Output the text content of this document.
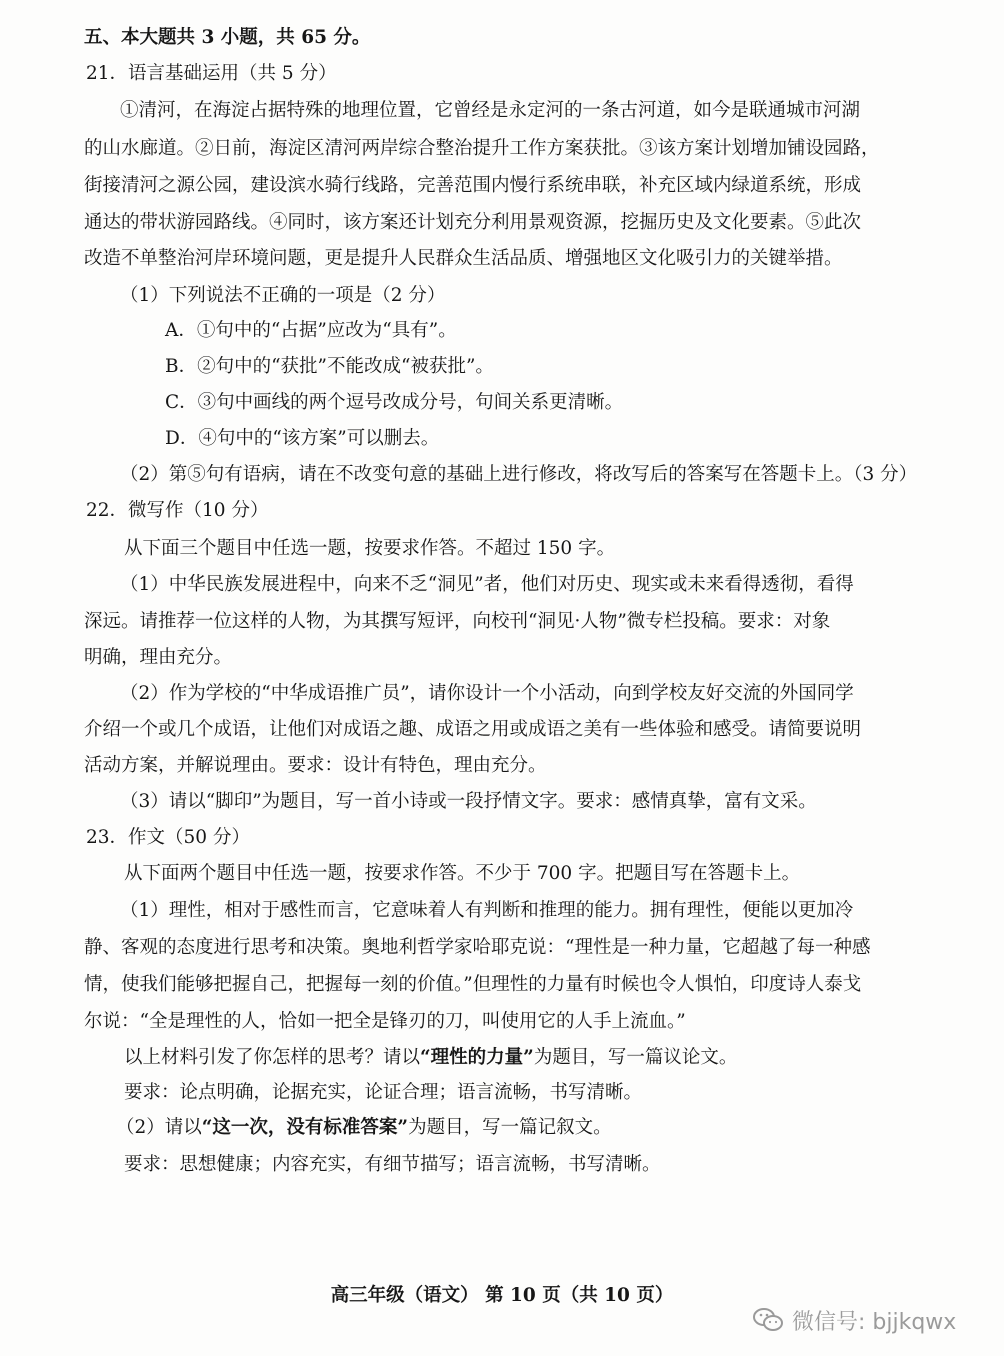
五、本大题共 3 小题，共 65 分。
21．语言基础运用（共 5 分）
①清河，在海淀占据特殊的地理位置，它曾经是永定河的一条古河道，如今是联通城市河湖
的山水廊道。②日前，海淀区清河两岸综合整治提升工作方案获批。③该方案计划增加铺设园路，
街接清河之源公园，建设滨水骑行线路，完善范围内慢行系统串联，补充区域内绿道系统，形成
通达的带状游园路线。④同时，该方案还计划充分利用景观资源，挖掘历史及文化要素。⑤此次
改造不单整治河岸环境问题，更是提升人民群众生活品质、增强地区文化吸引力的关键举措。
（1）下列说法不正确的一项是（2 分）
A．①句中的“占据”应改为“具有”。
B．②句中的“获批”不能改成“被获批”。
C．③句中画线的两个逗号改成分号，句间关系更清晰。
D．④句中的“该方案”可以删去。
（2）第⑤句有语病，请在不改变句意的基础上进行修改，将改写后的答案写在答题卡上。（3 分）
22．微写作（10 分）
从下面三个题目中任选一题，按要求作答。不超过 150 字。
（1）中华民族发展进程中，向来不乏“洞见”者，他们对历史、现实或未来看得透彻，看得
深远。请推荐一位这样的人物，为其撰写短评，向校刊“洞见·人物”微专栏投稿。要求：对象
明确，理由充分。
（2）作为学校的“中华成语推广员”，请你设计一个小活动，向到学校友好交流的外国同学
介绍一个或几个成语，让他们对成语之趣、成语之用或成语之美有一些体验和感受。请简要说明
活动方案，并解说理由。要求：设计有特色，理由充分。
（3）请以“脚印”为题目，写一首小诗或一段抒情文字。要求：感情真挚，富有文采。
23．作文（50 分）
从下面两个题目中任选一题，按要求作答。不少于 700 字。把题目写在答题卡上。
（1）理性，相对于感性而言，它意味着人有判断和推理的能力。拥有理性，便能以更加冷
静、客观的态度进行思考和决策。奥地利哲学家哈耶克说：“理性是一种力量，它超越了每一种感
情，使我们能够把握自己，把握每一刻的价值。”但理性的力量有时候也令人惧怕，印度诗人泰戈
尔说：“全是理性的人，恰如一把全是锋刃的刀，叫使用它的人手上流血。”
以上材料引发了你怎样的思考？请以“理性的力量”为题目，写一篇议论文。
要求：论点明确，论据充实，论证合理；语言流畅，书写清晰。
（2）请以“这一次，没有标准答案”为题目，写一篇记叙文。
要求：思想健康；内容充实，有细节描写；语言流畅，书写清晰。
高三年级（语文） 第 10 页（共 10 页）
微信号: bjjkqwx
